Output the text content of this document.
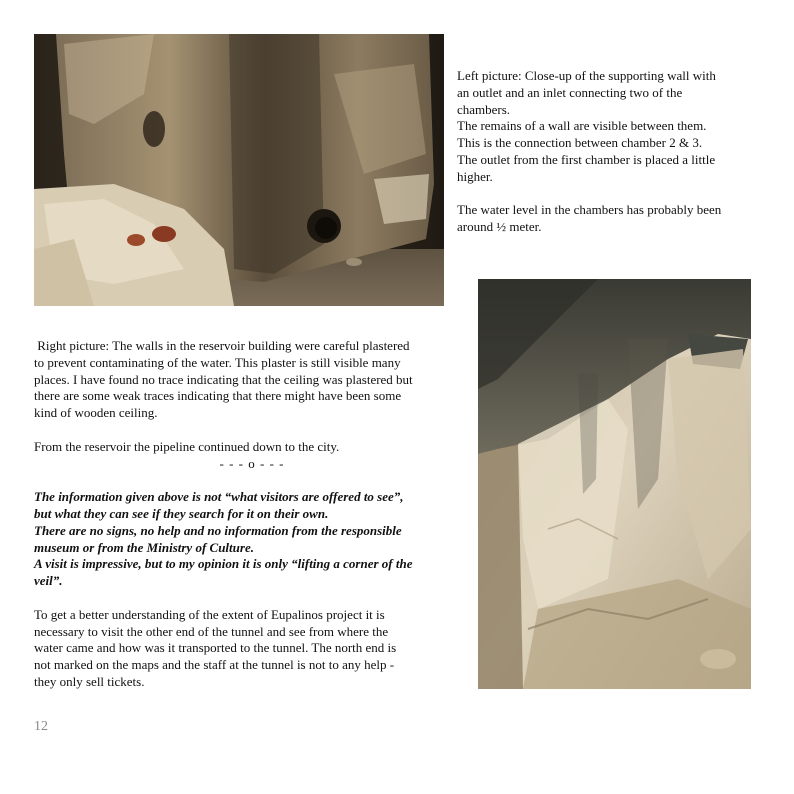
Left picture: Close-up of the supporting wall with

an outlet and an inlet connecting two of the

chambers.

The remains of a wall are visible between them.

This is the connection between chamber 2 & 3.

The outlet from the first chamber is placed a little

higher.

The water level in the chambers has probably been

around ½ meter.

Right picture: The walls in the reservoir building were careful plastered

to prevent contaminating of the water. This plaster is still visible many

places. I have found no trace indicating that the ceiling was plastered but

there are some weak traces indicating that there might have been some

kind of wooden ceiling.

From the reservoir the pipeline continued down to the city.

- - - o - - -

The information given above is not “what visitors are offered to see”,

but what they can see if they search for it on their own.

There are no signs, no help and no information from the responsible

museum or from the Ministry of Culture.

A visit is impressive, but to my opinion it is only “lifting a corner of the

veil”.

To get a better understanding of the extent of Eupalinos project it is

necessary to visit the other end of the tunnel and see from where the

water came and how was it transported to the tunnel. The north end is

not marked on the maps and the staff at the tunnel is not to any help -

they only sell tickets.

12
